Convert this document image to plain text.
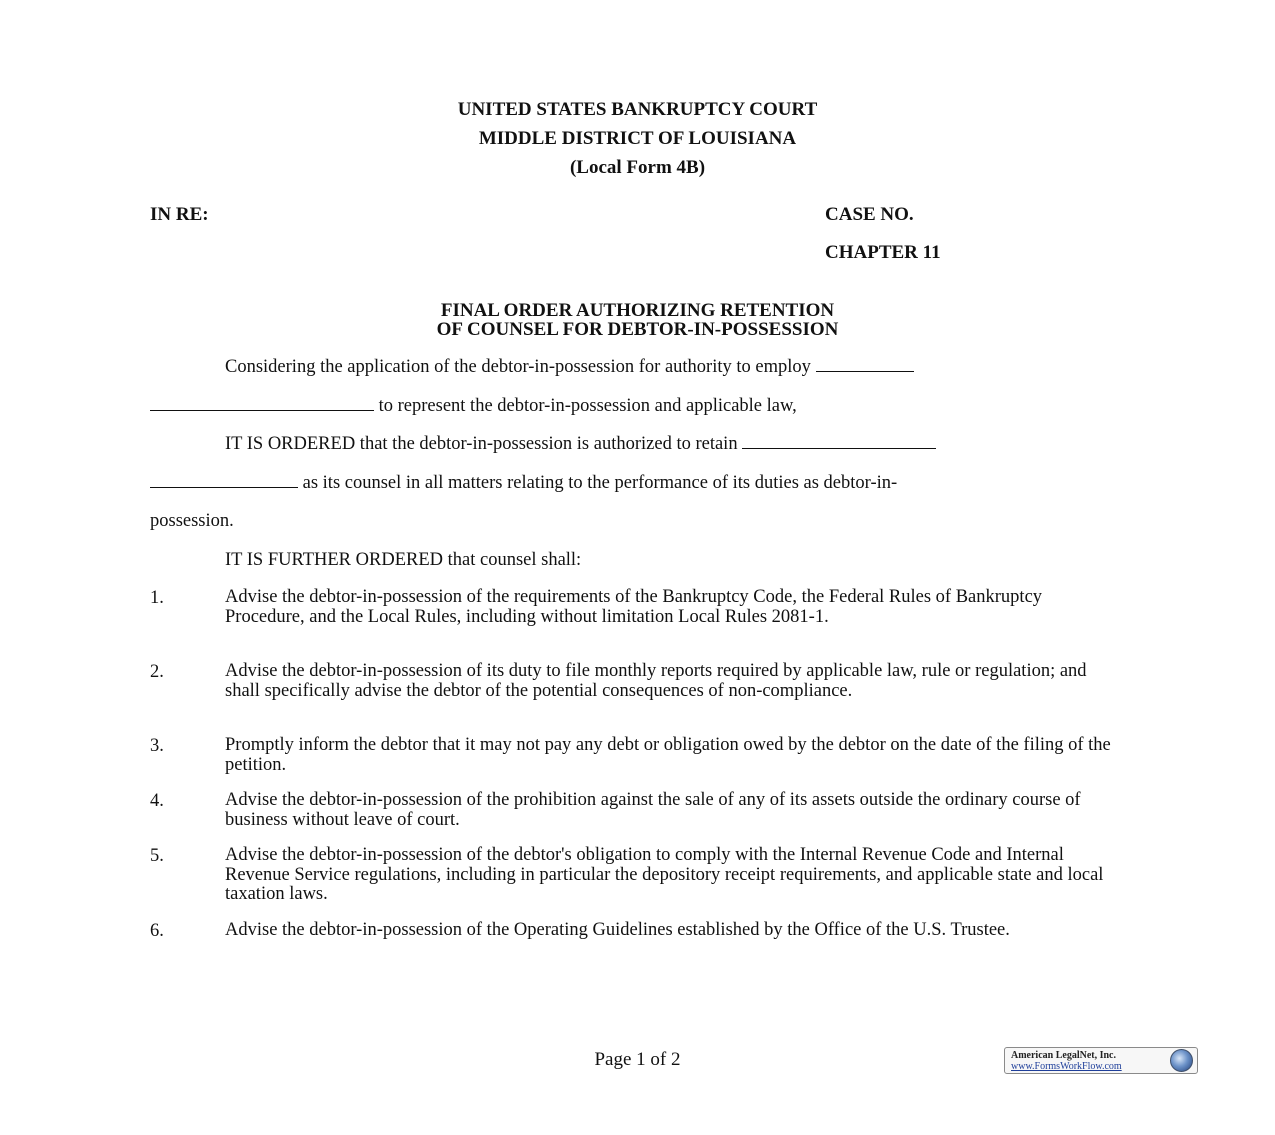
UNITED STATES BANKRUPTCY COURT
MIDDLE DISTRICT OF LOUISIANA
(Local Form 4B)
IN RE:	CASE NO.
CHAPTER 11
FINAL ORDER AUTHORIZING RETENTION
OF COUNSEL FOR DEBTOR-IN-POSSESSION
Considering the application of the debtor-in-possession for authority to employ
to represent the debtor-in-possession and applicable law,
IT IS ORDERED that the debtor-in-possession is authorized to retain
as its counsel in all matters relating to the performance of its duties as debtor-in-
possession.
IT IS FURTHER ORDERED that counsel shall:
1.	Advise the debtor-in-possession of the requirements of the Bankruptcy Code, the Federal Rules of Bankruptcy Procedure, and the Local Rules, including without limitation Local Rules 2081-1.
2.	Advise the debtor-in-possession of its duty to file monthly reports required by applicable law, rule or regulation; and shall specifically advise the debtor of the potential consequences of non-compliance.
3.	Promptly inform the debtor that it may not pay any debt or obligation owed by the debtor on the date of the filing of the petition.
4.	Advise the debtor-in-possession of the prohibition against the sale of any of its assets outside the ordinary course of business without leave of court.
5.	Advise the debtor-in-possession of the debtor's obligation to comply with the Internal Revenue Code and Internal Revenue Service regulations, including in particular the depository receipt requirements, and applicable state and local taxation laws.
6.	Advise the debtor-in-possession of the Operating Guidelines established by the Office of the U.S. Trustee.
Page 1 of 2	American LegalNet, Inc.
www.FormsWorkFlow.com
